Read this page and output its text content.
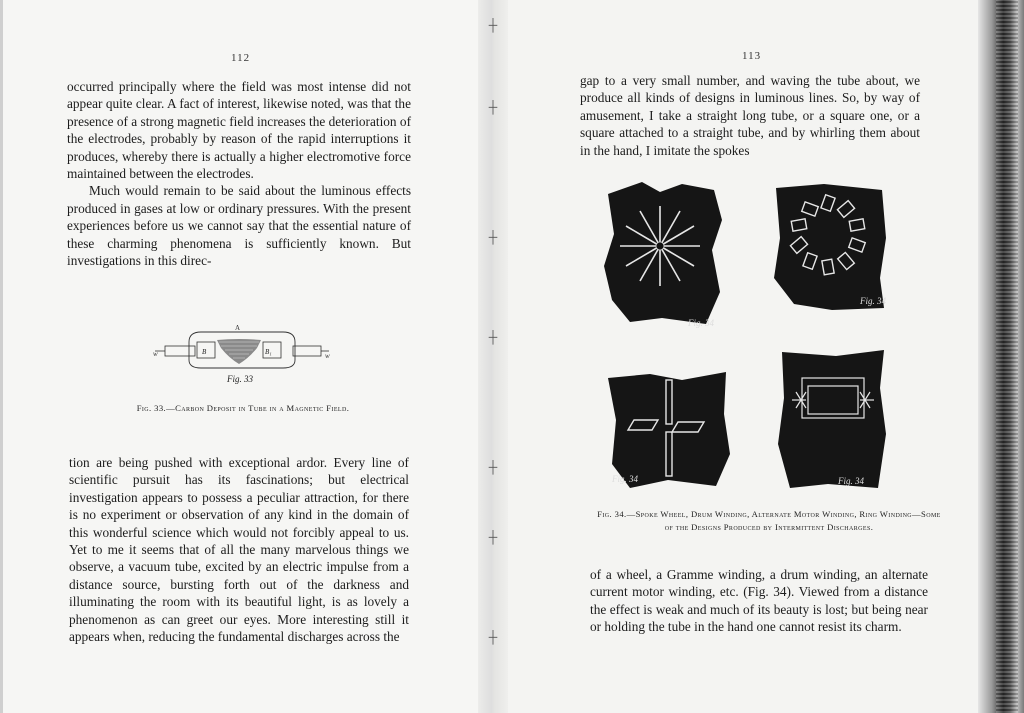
112
occurred principally where the field was most intense did not appear quite clear. A fact of interest, likewise noted, was that the presence of a strong magnetic field increases the deterioration of the electrodes, probably by reason of the rapid interruptions it produces, whereby there is actually a higher electromotive force maintained between the electrodes.
Much would remain to be said about the luminous effects produced in gases at low or ordinary pressures. With the present experiences before us we cannot say that the essential nature of these charming phenomena is sufficiently known. But investigations in this direc-
A
B	B₁
w	w
Fig. 33
Fig. 33.—Carbon Deposit in Tube in a Magnetic Field.
tion are being pushed with exceptional ardor. Every line of scientific pursuit has its fascinations; but electrical investigation appears to possess a peculiar attraction, for there is no experiment or observation of any kind in the domain of this wonderful science which would not forcibly appeal to us. Yet to me it seems that of all the many marvelous things we observe, a vacuum tube, excited by an electric impulse from a distance source, bursting forth out of the darkness and illuminating the room with its beautiful light, is as lovely a phenomenon as can greet our eyes. More interesting still it appears when, reducing the fundamental discharges across the
113
gap to a very small number, and waving the tube about, we produce all kinds of designs in luminous lines. So, by way of amusement, I take a straight long tube, or a square one, or a square attached to a straight tube, and by whirling them about in the hand, I imitate the spokes
Fig. 34
Fig. 34
Fig. 34	Fig. 34
Fig. 34.—Spoke Wheel, Drum Winding, Alternate Motor Winding, Ring Winding—Some of the Designs Produced by Intermittent Discharges.
of a wheel, a Gramme winding, a drum winding, an alternate current motor winding, etc. (Fig. 34). Viewed from a distance the effect is weak and much of its beauty is lost; but being near or holding the tube in the hand one cannot resist its charm.
┼
┼
┼
┼
┼
┼
┼
